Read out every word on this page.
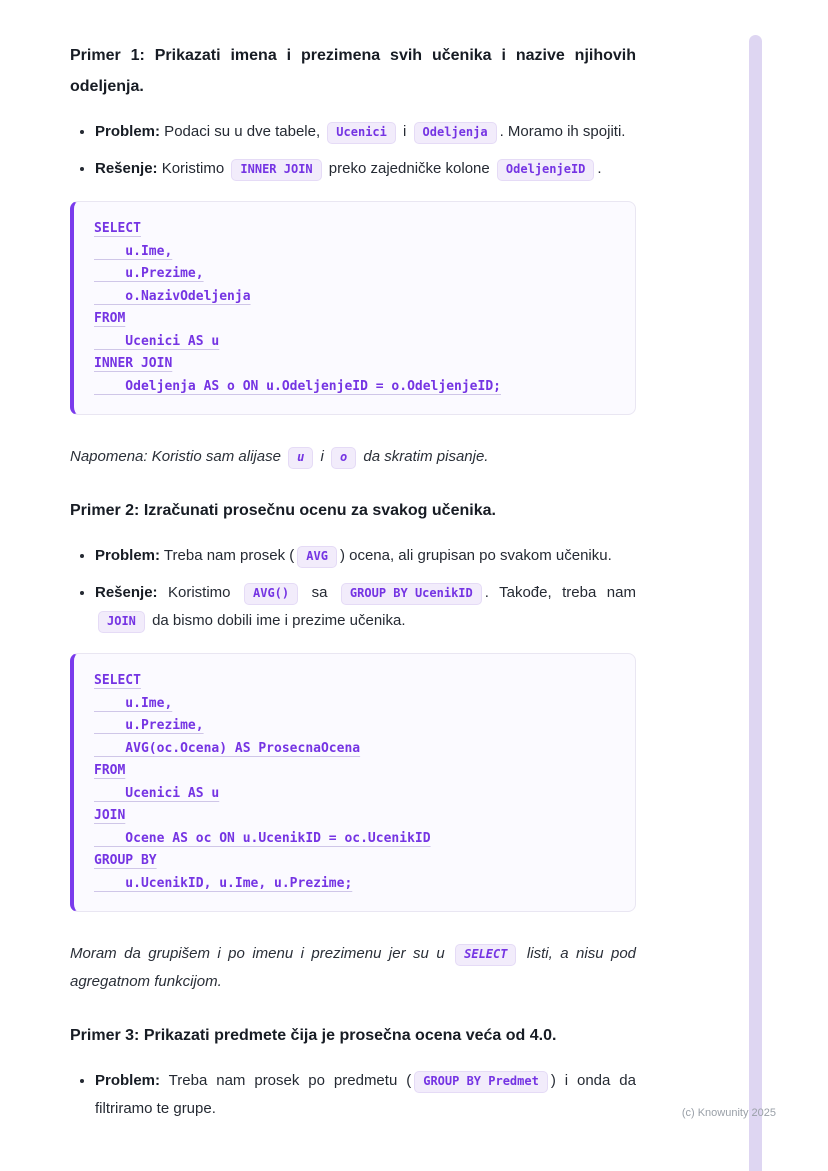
Primer 1: Prikazati imena i prezimena svih učenika i nazive njihovih odeljenja.

• Problem: Podaci su u dve tabele, Ucenici i Odeljenja . Moramo ih spojiti.
• Rešenje: Koristimo INNER JOIN preko zajedničke kolone OdeljenjeID .
SELECT
u.Ime,
u.Prezime,
o.NazivOdeljenja
FROM
Ucenici AS u
INNER JOIN
Odeljenja AS o ON u.OdeljenjeID = o.OdeljenjeID;

Napomena: Koristio sam alijase u i o da skratim pisanje.

Primer 2: Izračunati prosečnu ocenu za svakog učenika.

• Problem: Treba nam prosek ( AVG ) ocena, ali grupisan po svakom učeniku.
• Rešenje: Koristimo AVG() sa GROUP BY UcenikID . Takođe, treba nam JOIN da bismo dobili ime i prezime učenika.
SELECT
u.Ime,
u.Prezime,
AVG(oc.Ocena) AS ProsecnaOcena
FROM
Ucenici AS u
JOIN
Ocene AS oc ON u.UcenikID = oc.UcenikID
GROUP BY
u.UcenikID, u.Ime, u.Prezime;

Moram da grupišem i po imenu i prezimenu jer su u SELECT listi, a nisu pod agregatnom funkcijom.

Primer 3: Prikazati predmete čija je prosečna ocena veća od 4.0.

• Problem: Treba nam prosek po predmetu ( GROUP BY Predmet ) i onda da filtriramo te grupe.	(c) Knowunity 2025
